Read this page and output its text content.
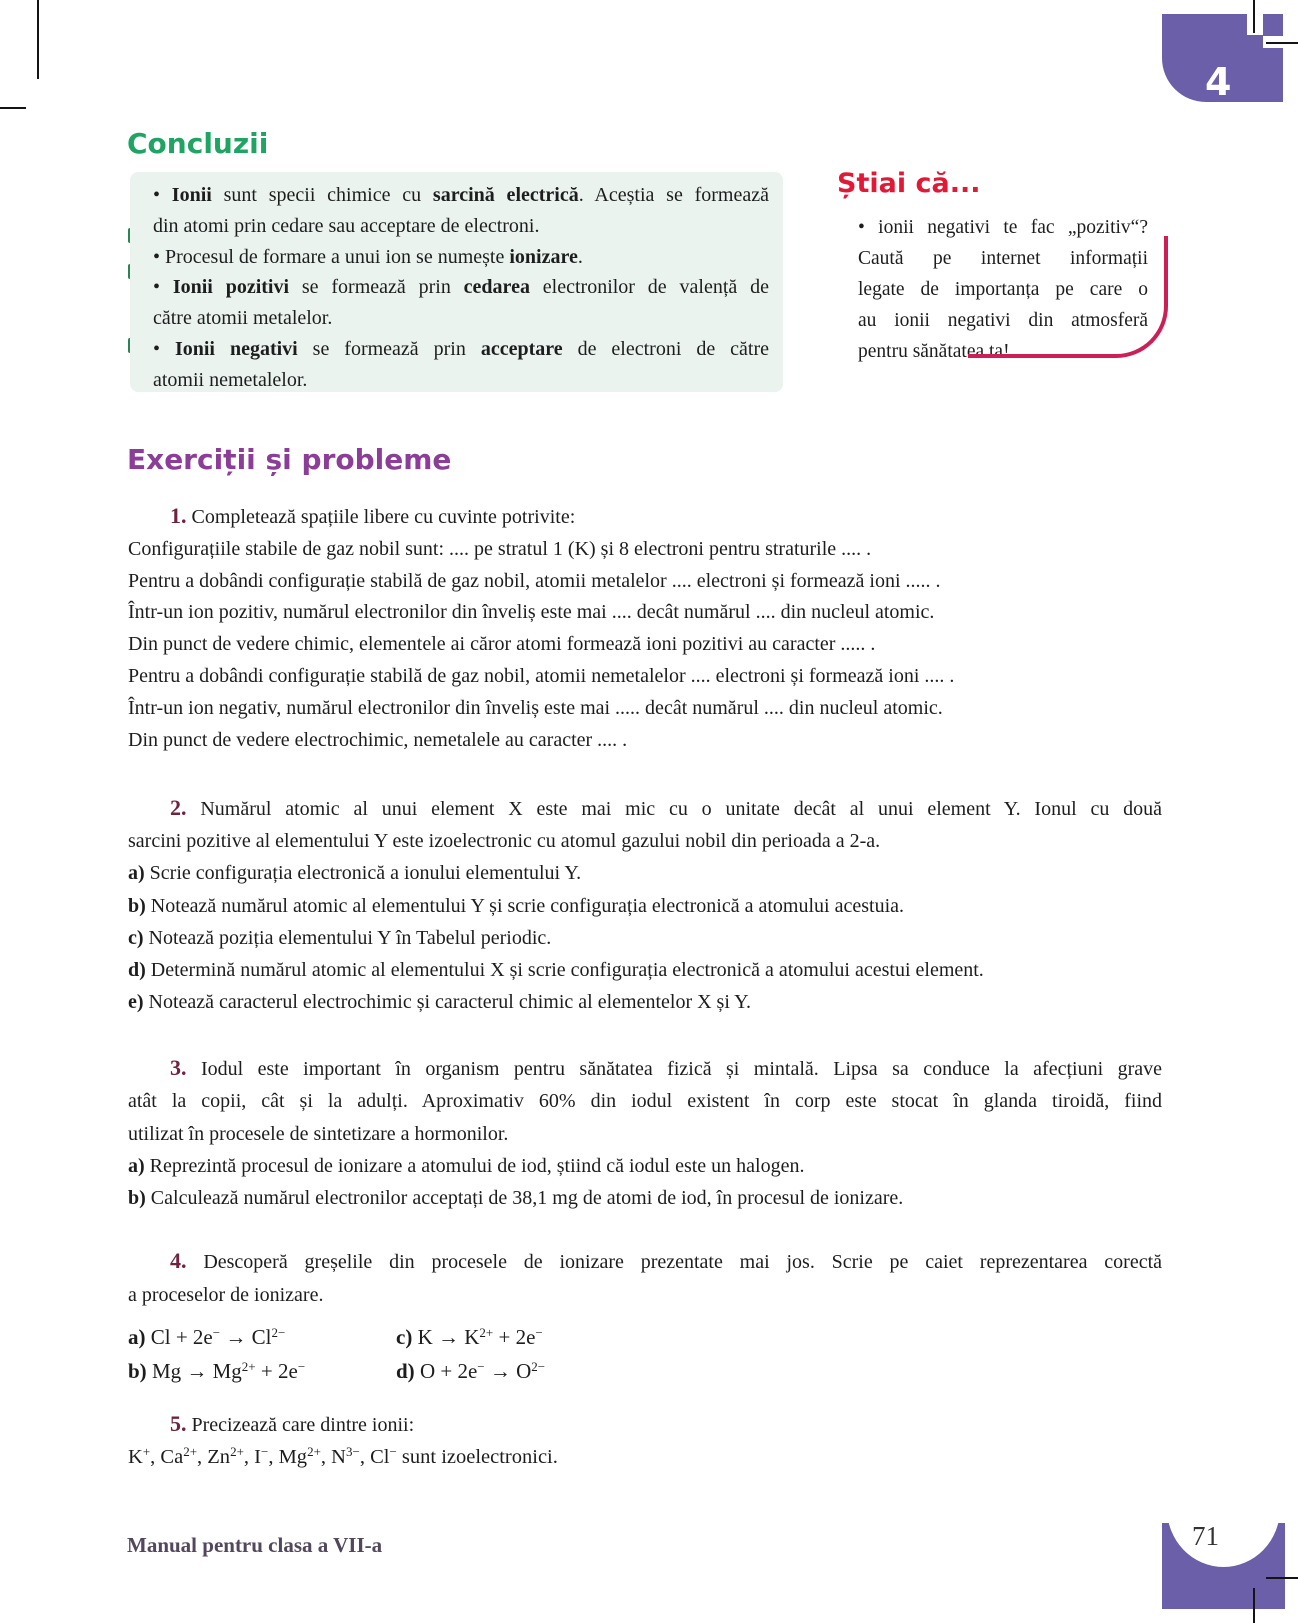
4
Concluzii

• Ionii sunt specii chimice cu sarcină electrică. Aceștia se formează

din atomi prin cedare sau acceptare de electroni.

• Procesul de formare a unui ion se numește ionizare.

• Ionii pozitivi se formează prin cedarea electronilor de valență de

către atomii metalelor.

• Ionii negativi se formează prin acceptare de electroni de către

atomii nemetalelor.

Știai că...

• ionii negativi te fac „pozitiv“?

Caută pe internet informații

legate de importanța pe care o

au ionii negativi din atmosferă

pentru sănătatea ta!

Exerciții și probleme

1. Completează spațiile libere cu cuvinte potrivite:

Configurațiile stabile de gaz nobil sunt: .... pe stratul 1 (K) și 8 electroni pentru straturile .... .

Pentru a dobândi configurație stabilă de gaz nobil, atomii metalelor .... electroni și formează ioni ..... .

Într-un ion pozitiv, numărul electronilor din înveliș este mai .... decât numărul .... din nucleul atomic.

Din punct de vedere chimic, elementele ai căror atomi formează ioni pozitivi au caracter ..... .

Pentru a dobândi configurație stabilă de gaz nobil, atomii nemetalelor .... electroni și formează ioni .... .

Într-un ion negativ, numărul electronilor din înveliș este mai ..... decât numărul .... din nucleul atomic.

Din punct de vedere electrochimic, nemetalele au caracter .... .

2. Numărul atomic al unui element X este mai mic cu o unitate decât al unui element Y. Ionul cu două

sarcini pozitive al elementului Y este izoelectronic cu atomul gazului nobil din perioada a 2-a.

a) Scrie configurația electronică a ionului elementului Y.

b) Notează numărul atomic al elementului Y și scrie configurația electronică a atomului acestuia.

c) Notează poziția elementului Y în Tabelul periodic.

d) Determină numărul atomic al elementului X și scrie configurația electronică a atomului acestui element.

e) Notează caracterul electrochimic și caracterul chimic al elementelor X și Y.

3. Iodul este important în organism pentru sănătatea fizică și mintală. Lipsa sa conduce la afecțiuni grave

atât la copii, cât și la adulți. Aproximativ 60% din iodul existent în corp este stocat în glanda tiroidă, fiind

utilizat în procesele de sintetizare a hormonilor.

a) Reprezintă procesul de ionizare a atomului de iod, știind că iodul este un halogen.

b) Calculează numărul electronilor acceptați de 38,1 mg de atomi de iod, în procesul de ionizare.

4. Descoperă greșelile din procesele de ionizare prezentate mai jos. Scrie pe caiet reprezentarea corectă

a proceselor de ionizare.

a) $Cl + 2e^- \to Cl^{2-}$	c) $K \to K^{2+} + 2e^-$

b) $Mg \to Mg^{2+} + 2e^-$	d) $O + 2e^- \to O^{2-}$

5. Precizează care dintre ionii:

K+, $Ca^{2+}$, $Zn^{2+}$, I−, $Mg^{2+}$, $N^{3-}$, Cl− sunt izoelectronici.

Manual pentru clasa a VII-a	71
